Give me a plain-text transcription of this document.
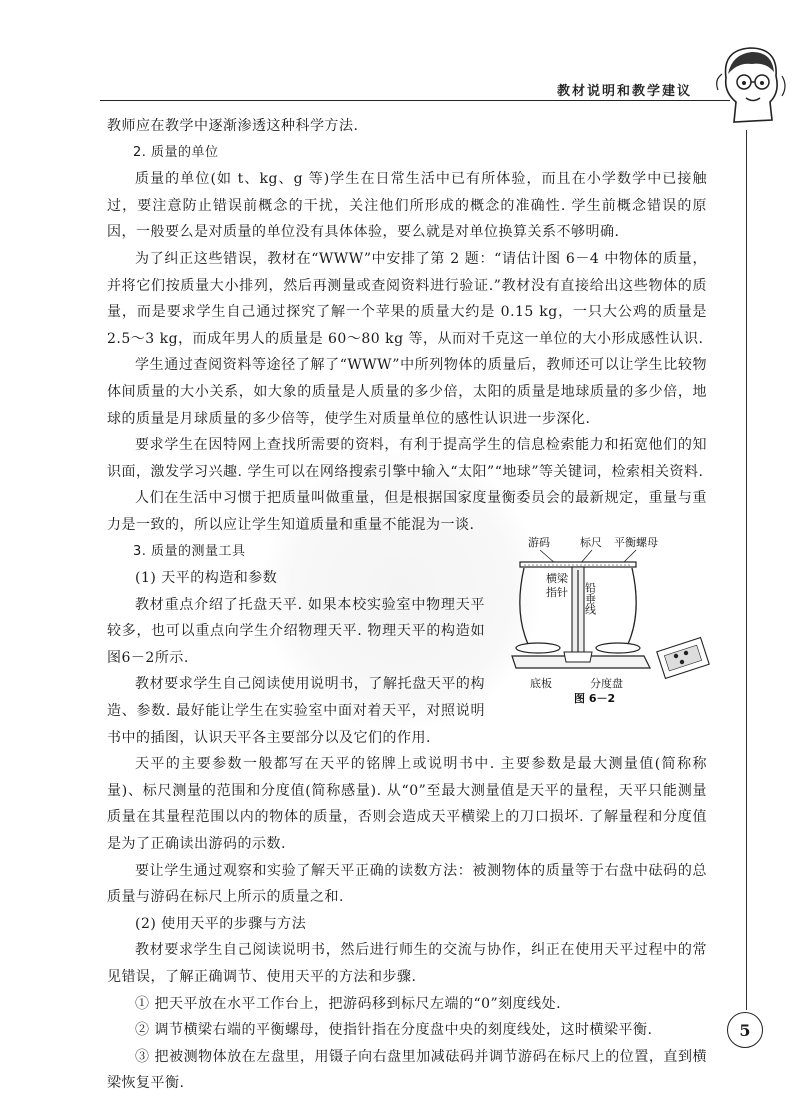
教材说明和教学建议

教师应在教学中逐渐渗透这种科学方法.

2. 质量的单位

质量的单位(如 t、kg、g 等)学生在日常生活中已有所体验，而且在小学数学中已接触过，要注意防止错误前概念的干扰，关注他们所形成的概念的准确性. 学生前概念错误的原因，一般要么是对质量的单位没有具体体验，要么就是对单位换算关系不够明确.

为了纠正这些错误，教材在“WWW”中安排了第 2 题：“请估计图 6－4 中物体的质量，并将它们按质量大小排列，然后再测量或查阅资料进行验证.”教材没有直接给出这些物体的质量，而是要求学生自己通过探究了解一个苹果的质量大约是 0.15 kg，一只大公鸡的质量是 2.5～3 kg，而成年男人的质量是 60～80 kg 等，从而对千克这一单位的大小形成感性认识.

学生通过查阅资料等途径了解了“WWW”中所列物体的质量后，教师还可以让学生比较物体间质量的大小关系，如大象的质量是人质量的多少倍，太阳的质量是地球质量的多少倍，地球的质量是月球质量的多少倍等，使学生对质量单位的感性认识进一步深化.

要求学生在因特网上查找所需要的资料，有利于提高学生的信息检索能力和拓宽他们的知识面，激发学习兴趣. 学生可以在网络搜索引擎中输入“太阳”“地球”等关键词，检索相关资料.

人们在生活中习惯于把质量叫做重量，但是根据国家度量衡委员会的最新规定，重量与重力是一致的，所以应让学生知道质量和重量不能混为一谈.

3. 质量的测量工具

(1) 天平的构造和参数

教材重点介绍了托盘天平. 如果本校实验室中物理天平较多，也可以重点向学生介绍物理天平. 物理天平的构造如图6－2所示.

教材要求学生自己阅读使用说明书，了解托盘天平的构造、参数. 最好能让学生在实验室中面对着天平，对照说明书中的插图，认识天平各主要部分以及它们的作用.

天平的主要参数一般都写在天平的铭牌上或说明书中. 主要参数是最大测量值(简称称量)、标尺测量的范围和分度值(简称感量). 从“0”至最大测量值是天平的量程，天平只能测量质量在其量程范围以内的物体的质量，否则会造成天平横梁上的刀口损坏. 了解量程和分度值是为了正确读出游码的示数.

要让学生通过观察和实验了解天平正确的读数方法：被测物体的质量等于右盘中砝码的总质量与游码在标尺上所示的质量之和.

(2) 使用天平的步骤与方法

教材要求学生自己阅读说明书，然后进行师生的交流与协作，纠正在使用天平过程中的常见错误，了解正确调节、使用天平的方法和步骤.

① 把天平放在水平工作台上，把游码移到标尺左端的“0”刻度线处.

② 调节横梁右端的平衡螺母，使指针指在分度盘中央的刻度线处，这时横梁平衡.

③ 把被测物体放在左盘里，用镊子向右盘里加减砝码并调节游码在标尺上的位置，直到横梁恢复平衡.

游码	标尺 平衡螺母
横梁
指针 铅垂线
底板	分度盘
图 6－2
5
